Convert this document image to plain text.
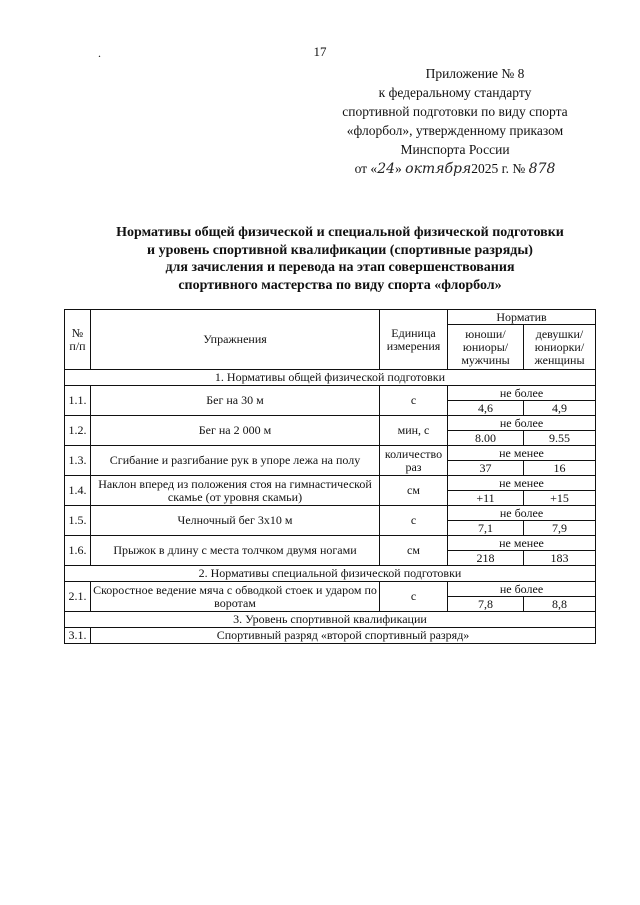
.	17
Приложение № 8
к федеральному стандарту
спортивной подготовки по виду спорта
«флорбол», утвержденному приказом
Минспорта России
от «24» октября2025 г. № 878
Нормативы общей физической и специальной физической подготовки
и уровень спортивной квалификации (спортивные разряды)
для зачисления и перевода на этап совершенствования
спортивного мастерства по виду спорта «флорбол»
№ п/п	Упражнения	Единица измерения	Норматив	
			юноши/ юниоры/ мужчины	девушки/ юниорки/ женщины
1. Нормативы общей физической подготовки				
1.1.	Бег на 30 м	с	не более	
			4,6	4,9
1.2.	Бег на 2 000 м	мин, с	не более	
			8.00	9.55
1.3.	Сгибание и разгибание рук в упоре лежа на полу	количество раз	не менее	
			37	16
1.4.	Наклон вперед из положения стоя на гимнастической скамье (от уровня скамьи)	см	не менее	
			+11	+15
1.5.	Челночный бег 3x10 м	с	не более	
			7,1	7,9
1.6.	Прыжок в длину с места толчком двумя ногами	см	не менее	
			218	183
2. Нормативы специальной физической подготовки				
2.1.	Скоростное ведение мяча с обводкой стоек и ударом по воротам	с	не более	
			7,8	8,8
3. Уровень спортивной квалификации				
3.1.	Спортивный разряд «второй спортивный разряд»			
